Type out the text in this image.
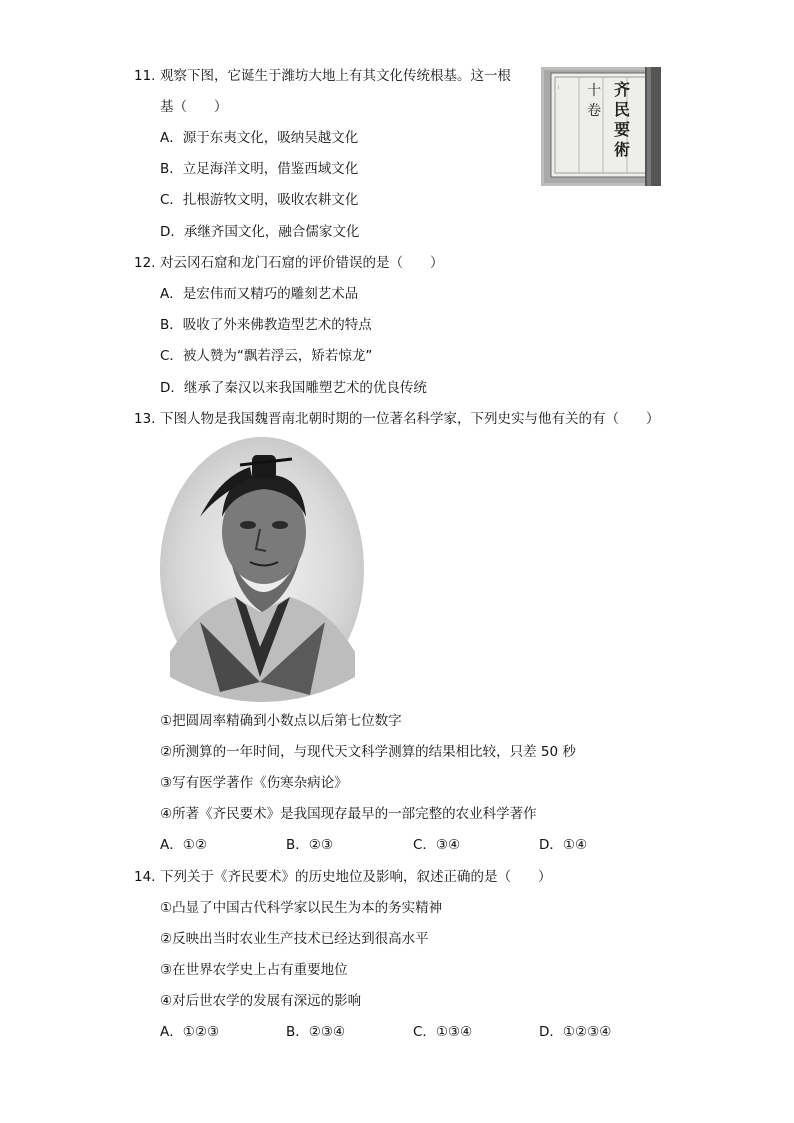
11. 观察下图，它诞生于潍坊大地上有其文化传统根基。这一根
基（　　）
A．源于东夷文化，吸纳吴越文化
B．立足海洋文明，借鉴西域文化
C．扎根游牧文明，吸收农耕文化
D．承继齐国文化，融合儒家文化
...	齐
民
要
術
十
卷
12. 对云冈石窟和龙门石窟的评价错误的是（　　）
A．是宏伟而又精巧的雕刻艺术品
B．吸收了外来佛教造型艺术的特点
C．被人赞为“飘若浮云，矫若惊龙”
D．继承了秦汉以来我国雕塑艺术的优良传统
13. 下图人物是我国魏晋南北朝时期的一位著名科学家，下列史实与他有关的有（　　）
①把圆周率精确到小数点以后第七位数字
②所测算的一年时间，与现代天文科学测算的结果相比较，只差 50 秒
③写有医学著作《伤寒杂病论》
④所著《齐民要术》是我国现存最早的一部完整的农业科学著作
A．①②	B．②③	C．③④	D．①④
14. 下列关于《齐民要术》的历史地位及影响，叙述正确的是（　　）
①凸显了中国古代科学家以民生为本的务实精神
②反映出当时农业生产技术已经达到很高水平
③在世界农学史上占有重要地位
④对后世农学的发展有深远的影响
A．①②③	B．②③④	C．①③④	D．①②③④
